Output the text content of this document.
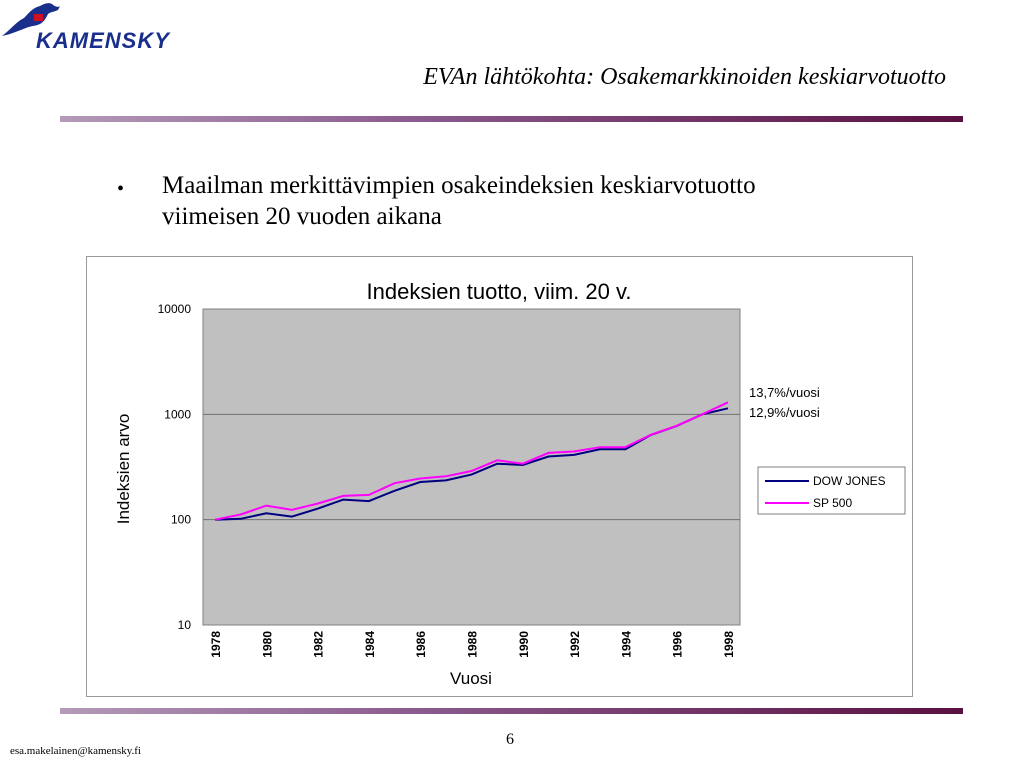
KAMENSKY
EVAn lähtökohta: Osakemarkkinoiden keskiarvotuotto
• Maailman merkittävimpien osakeindeksien keskiarvotuotto
viimeisen 20 vuoden aikana
Indeksien tuotto, viim. 20 v.
10
100
1000
10000
1978	1980	1982	1984	1986	1988	1990	1992	1994	1996	1998
Indeksien arvo
Vuosi
13,7%/vuosi
12,9%/vuosi
DOW JONES
SP 500
6
esa.makelainen@kamensky.fi
